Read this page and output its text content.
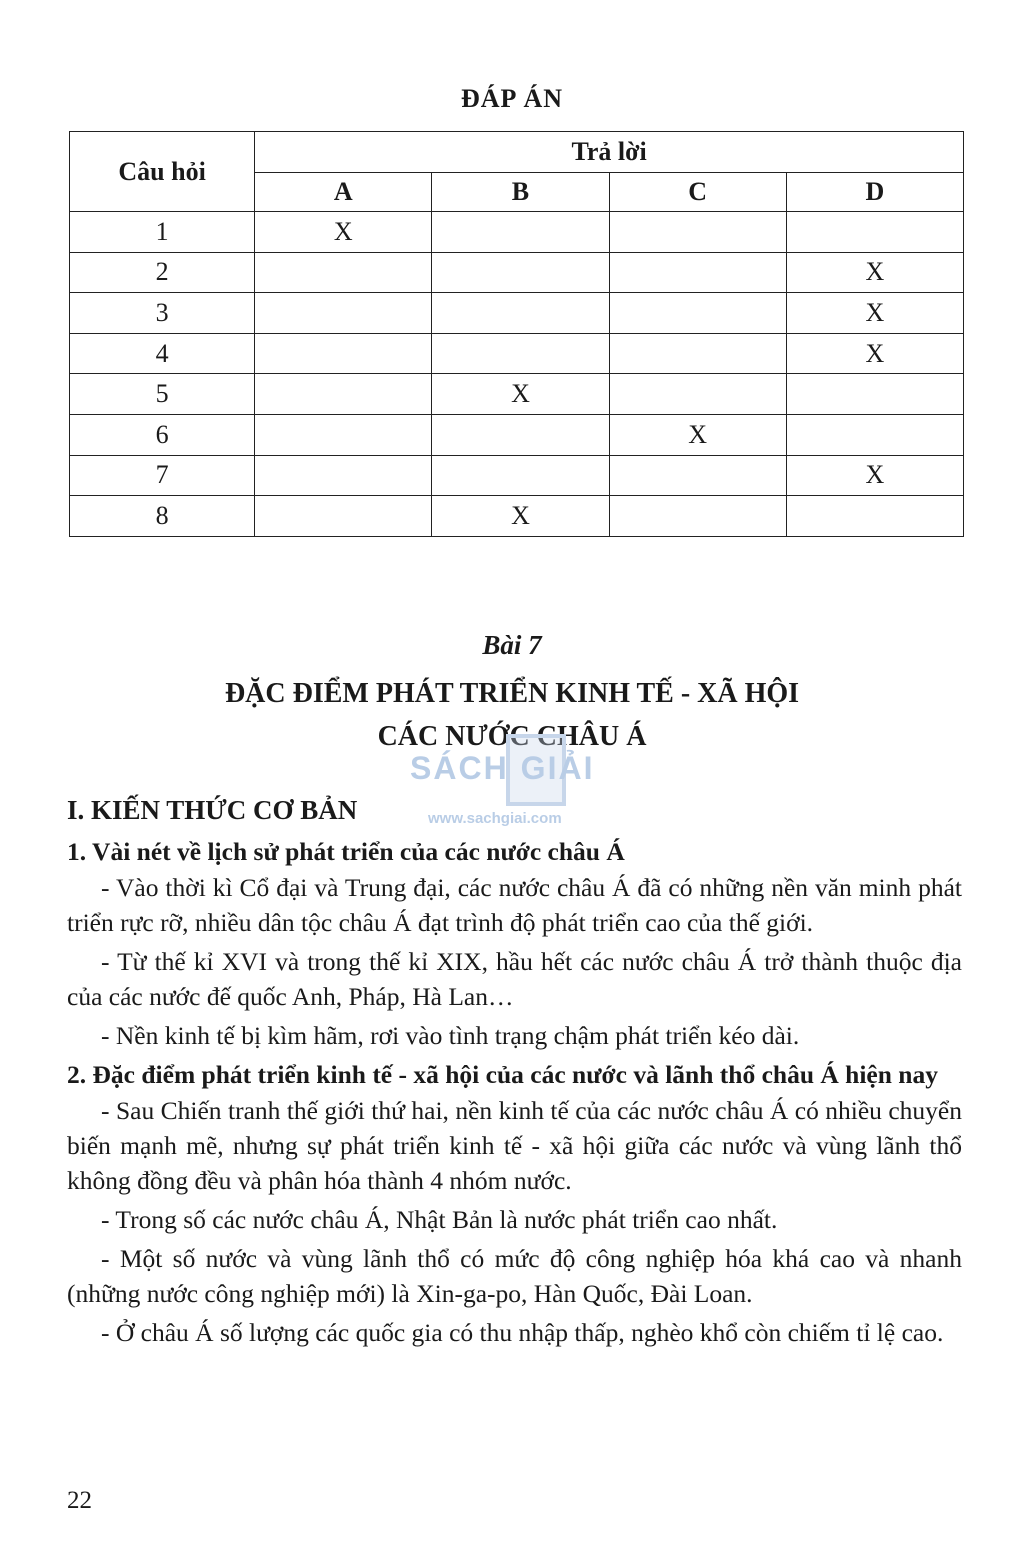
ĐÁP ÁN
Câu hỏi	Trả lời			
	A	B	C	D
1	X			
2				X
3				X
4				X
5		X		
6			X	
7				X
8		X		
Bài 7
ĐẶC ĐIỂM PHÁT TRIỂN KINH TẾ - XÃ HỘI
CÁC NƯỚC CHÂU Á
SÁCH GIẢI
www.sachgiai.com
I. KIẾN THỨC CƠ BẢN
1. Vài nét về lịch sử phát triển của các nước châu Á

- Vào thời kì Cổ đại và Trung đại, các nước châu Á đã có những nền văn minh phát triển rực rỡ, nhiều dân tộc châu Á đạt trình độ phát triển cao của thế giới.

- Từ thế kỉ XVI và trong thế kỉ XIX, hầu hết các nước châu Á trở thành thuộc địa của các nước đế quốc Anh, Pháp, Hà Lan…

- Nền kinh tế bị kìm hãm, rơi vào tình trạng chậm phát triển kéo dài.

2. Đặc điểm phát triển kinh tế - xã hội của các nước và lãnh thổ châu Á hiện nay

- Sau Chiến tranh thế giới thứ hai, nền kinh tế của các nước châu Á có nhiều chuyển biến mạnh mẽ, nhưng sự phát triển kinh tế - xã hội giữa các nước và vùng lãnh thổ không đồng đều và phân hóa thành 4 nhóm nước.

- Trong số các nước châu Á, Nhật Bản là nước phát triển cao nhất.

- Một số nước và vùng lãnh thổ có mức độ công nghiệp hóa khá cao và nhanh (những nước công nghiệp mới) là Xin-ga-po, Hàn Quốc, Đài Loan.

- Ở châu Á số lượng các quốc gia có thu nhập thấp, nghèo khổ còn chiếm tỉ lệ cao.

22
